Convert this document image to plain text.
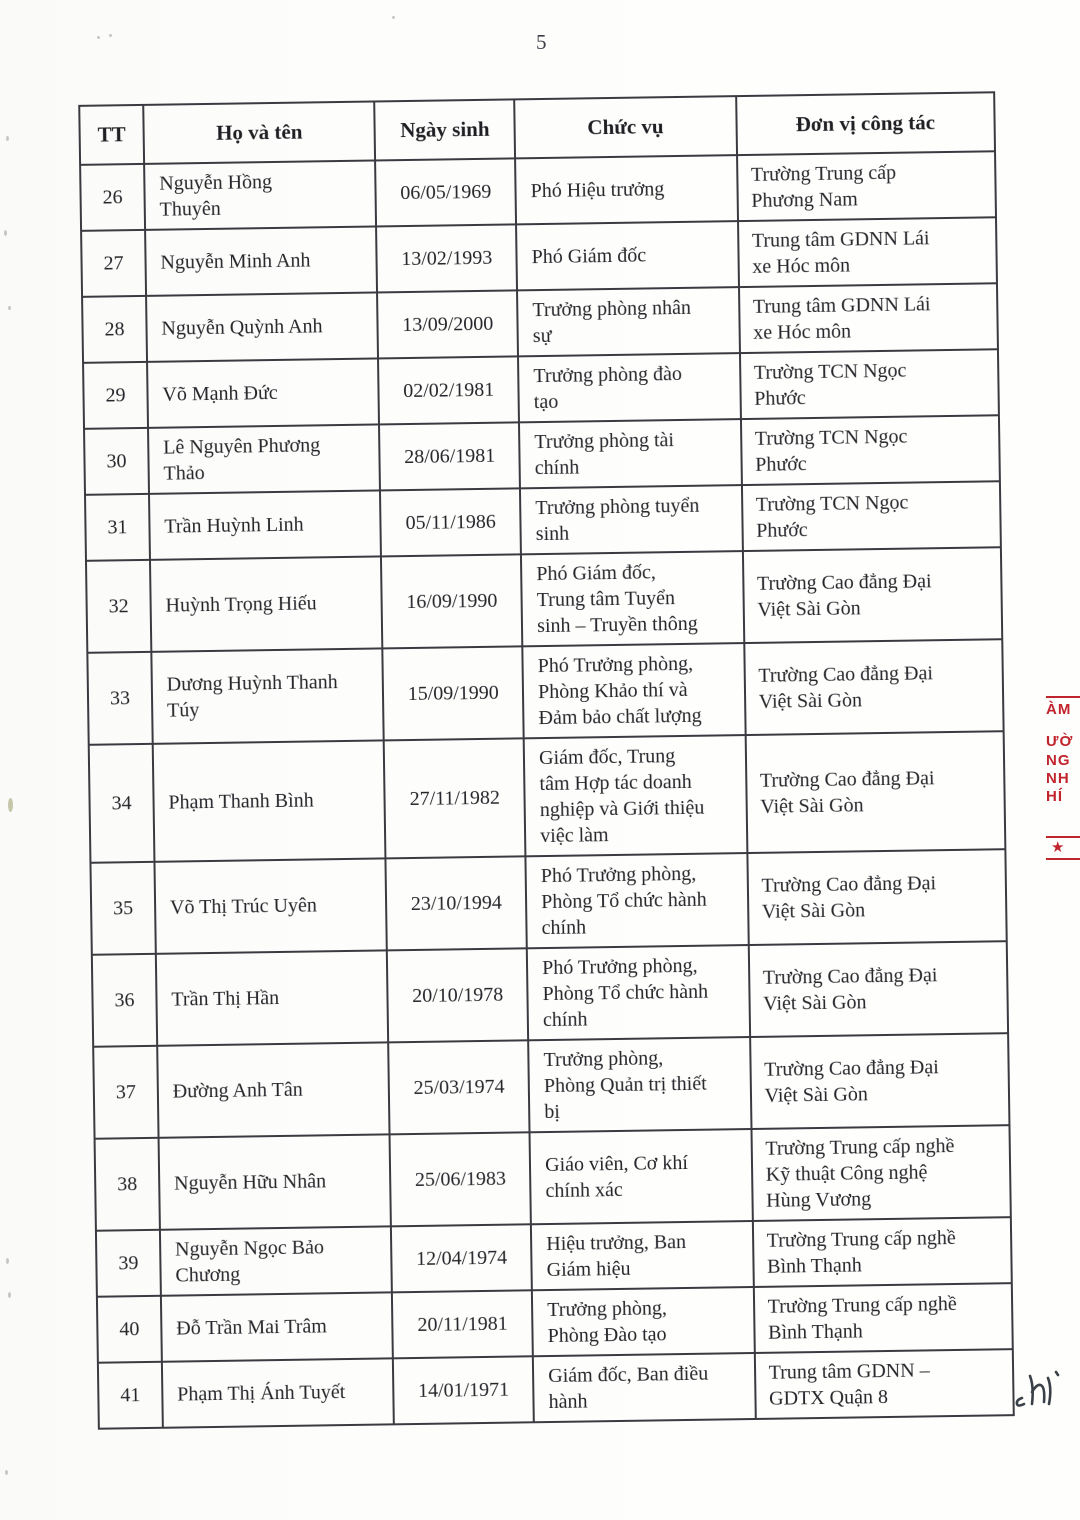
5
TT	Họ và tên	Ngày sinh	Chức vụ	Đơn vị công tác
26	Nguyễn Hồng Thuyên	06/05/1969	Phó Hiệu trưởng	Trường Trung cấp Phương Nam
27	Nguyễn Minh Anh	13/02/1993	Phó Giám đốc	Trung tâm GDNN Lái xe Hóc môn
28	Nguyễn Quỳnh Anh	13/09/2000	Trưởng phòng nhân sự	Trung tâm GDNN Lái xe Hóc môn
29	Võ Mạnh Đức	02/02/1981	Trưởng phòng đào tạo	Trường TCN Ngọc Phước
30	Lê Nguyên Phương Thảo	28/06/1981	Trưởng phòng tài chính	Trường TCN Ngọc Phước
31	Trần Huỳnh Linh	05/11/1986	Trưởng phòng tuyển sinh	Trường TCN Ngọc Phước
32	Huỳnh Trọng Hiếu	16/09/1990	Phó Giám đốc, Trung tâm Tuyển sinh – Truyền thông	Trường Cao đẳng Đại Việt Sài Gòn
33	Dương Huỳnh Thanh Túy	15/09/1990	Phó Trưởng phòng, Phòng Khảo thí và Đảm bảo chất lượng	Trường Cao đẳng Đại Việt Sài Gòn
34	Phạm Thanh Bình	27/11/1982	Giám đốc, Trung tâm Hợp tác doanh nghiệp và Giới thiệu việc làm	Trường Cao đẳng Đại Việt Sài Gòn
35	Võ Thị Trúc Uyên	23/10/1994	Phó Trưởng phòng, Phòng Tổ chức hành chính	Trường Cao đẳng Đại Việt Sài Gòn
36	Trần Thị Hần	20/10/1978	Phó Trưởng phòng, Phòng Tổ chức hành chính	Trường Cao đẳng Đại Việt Sài Gòn
37	Đường Anh Tân	25/03/1974	Trưởng phòng, Phòng Quản trị thiết bị	Trường Cao đẳng Đại Việt Sài Gòn
38	Nguyễn Hữu Nhân	25/06/1983	Giáo viên, Cơ khí chính xác	Trường Trung cấp nghề Kỹ thuật Công nghệ Hùng Vương
39	Nguyễn Ngọc Bảo Chương	12/04/1974	Hiệu trưởng, Ban Giám hiệu	Trường Trung cấp nghề Bình Thạnh
40	Đỗ Trần Mai Trâm	20/11/1981	Trưởng phòng, Phòng Đào tạo	Trường Trung cấp nghề Bình Thạnh
41	Phạm Thị Ánh Tuyết	14/01/1971	Giám đốc, Ban điều hành	Trung tâm GDNN – GDTX Quận 8
ÀM
ƯỜ
NG
NH
HÍ
★
